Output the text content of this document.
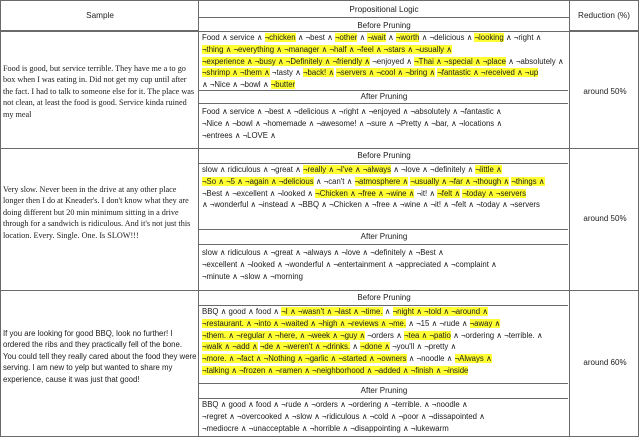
Sample
Propositional Logic
Reduction (%)
Food is good, but service terrible. They have me a to go box when I was eating in. Did not get my cup until after the fact. I had to talk to someone else for it. The place was not clean, at least the food is good. Service kinda ruined my meal
Before Pruning
Food ∧ service ∧ ¬chicken ∧ ¬best ∧ ¬other ∧ ¬wait ∧ ¬worth ∧ ¬delicious ∧ ¬looking ∧ ¬right ∧ ¬thing ∧ ¬everything ∧ ¬manager ∧ ¬half ∧ ¬feel ∧ ¬stars ∧ ¬usually ∧ ¬experience ∧ ¬busy ∧ ¬Definitely ∧ ¬friendly ∧ ¬enjoyed ∧ ¬Thai ∧ ¬special ∧ ¬place ∧ ¬absolutely ∧ ¬shrimp ∧ ¬them ∧ ¬tasty ∧ ¬back! ∧ ¬servers ∧ ¬cool ∧ ¬bring ∧ ¬fantastic ∧ ¬received ∧ ¬up ∧ ¬Nice ∧ ¬bowl ∧ ¬butter
After Pruning
Food ∧ service ∧ ¬best ∧ ¬delicious ∧ ¬right ∧ ¬enjoyed ∧ ¬absolutely ∧ ¬fantastic ∧ ¬Nice ∧ ¬bowl ∧ ¬homemade ∧ ¬awesome! ∧ ¬sure ∧ ¬Pretty ∧ ¬bar, ∧ ¬locations ∧ ¬entrees ∧ ¬LOVE ∧
around 50%
Very slow. Never been in the drive at any other place longer then I do at Kneader's. I don't know what they are doing different but 20 min minimum sitting in a drive through for a sandwich is ridiculous. And it's not just this location. Every. Single. One. Is SLOW!!!
Before Pruning
slow ∧ ridiculous ∧ ¬great ∧ ¬really ∧ ¬I've ∧ ¬always ∧ ¬love ∧ ¬definitely ∧ ¬little ∧ ¬So ∧ ¬5 ∧ ¬again ∧ ¬delicious ∧ ¬can't ∧ ¬atmosphere ∧ ¬usually ∧ ¬far ∧ ¬though ∧ ¬things ∧ ¬Best ∧ ¬excellent ∧ ¬looked ∧ ¬Chicken ∧ ¬free ∧ ¬wine ∧ ¬it! ∧ ¬felt ∧ ¬today ∧ ¬servers ∧ ¬wonderful ∧ ¬instead ∧ ¬BBQ ∧ ¬Chicken ∧ ¬free ∧ ¬wine ∧ ¬it! ∧ ¬felt ∧ ¬today ∧ ¬servers
After Pruning
slow ∧ ridiculous ∧ ¬great ∧ ¬always ∧ ¬love ∧ ¬definitely ∧ ¬Best ∧ ¬excellent ∧ ¬looked ∧ ¬wonderful ∧ ¬entertainment ∧ ¬appreciated ∧ ¬complaint ∧ ¬minute ∧ ¬slow ∧ ¬morning
around 50%
If you are looking for good BBQ, look no further! I ordered the ribs and they practically fell of the bone. You could tell they really cared about the food they were serving. I am new to yelp but wanted to share my experience, cause it was just that good!
Before Pruning
BBQ ∧ good ∧ food ∧ ¬I ∧ ¬wasn't ∧ ¬last ∧ ¬time. ∧ ¬night ∧ ¬told ∧ ¬around ∧ ¬restaurant. ∧ ¬into ∧ ¬waited ∧ ¬high ∧ ¬reviews ∧ ¬me. ∧ ¬15 ∧ ¬rude ∧ ¬away ∧ ¬them. ∧ ¬regular ∧ ¬here, ∧ ¬week ∧ ¬guy ∧ ¬orders ∧ ¬tea ∧ ¬patio ∧ ¬ordering ∧ ¬terrible. ∧ ¬walk ∧ ¬add ∧ ¬de ∧ ¬weren't ∧ ¬drinks. ∧ ¬done ∧ ¬you'll ∧ ¬pretty ∧ ¬more. ∧ ¬fact ∧ ¬Nothing ∧ ¬garlic ∧ ¬started ∧ ¬owners ∧ ¬noodle ∧ ¬Always ∧ ¬talking ∧ ¬frozen ∧ ¬ramen ∧ ¬neighborhood ∧ ¬added ∧ ¬finish ∧ ¬inside
After Pruning
BBQ ∧ good ∧ food ∧ ¬rude ∧ ¬orders ∧ ¬ordering ∧ ¬terrible. ∧ ¬noodle ∧ ¬regret ∧ ¬overcooked ∧ ¬slow ∧ ¬ridiculous ∧ ¬cold ∧ ¬poor ∧ ¬dissapointed ∧ ¬mediocre ∧ ¬unacceptable ∧ ¬horrible ∧ ¬disappointing ∧ ¬lukewarm
around 60%
